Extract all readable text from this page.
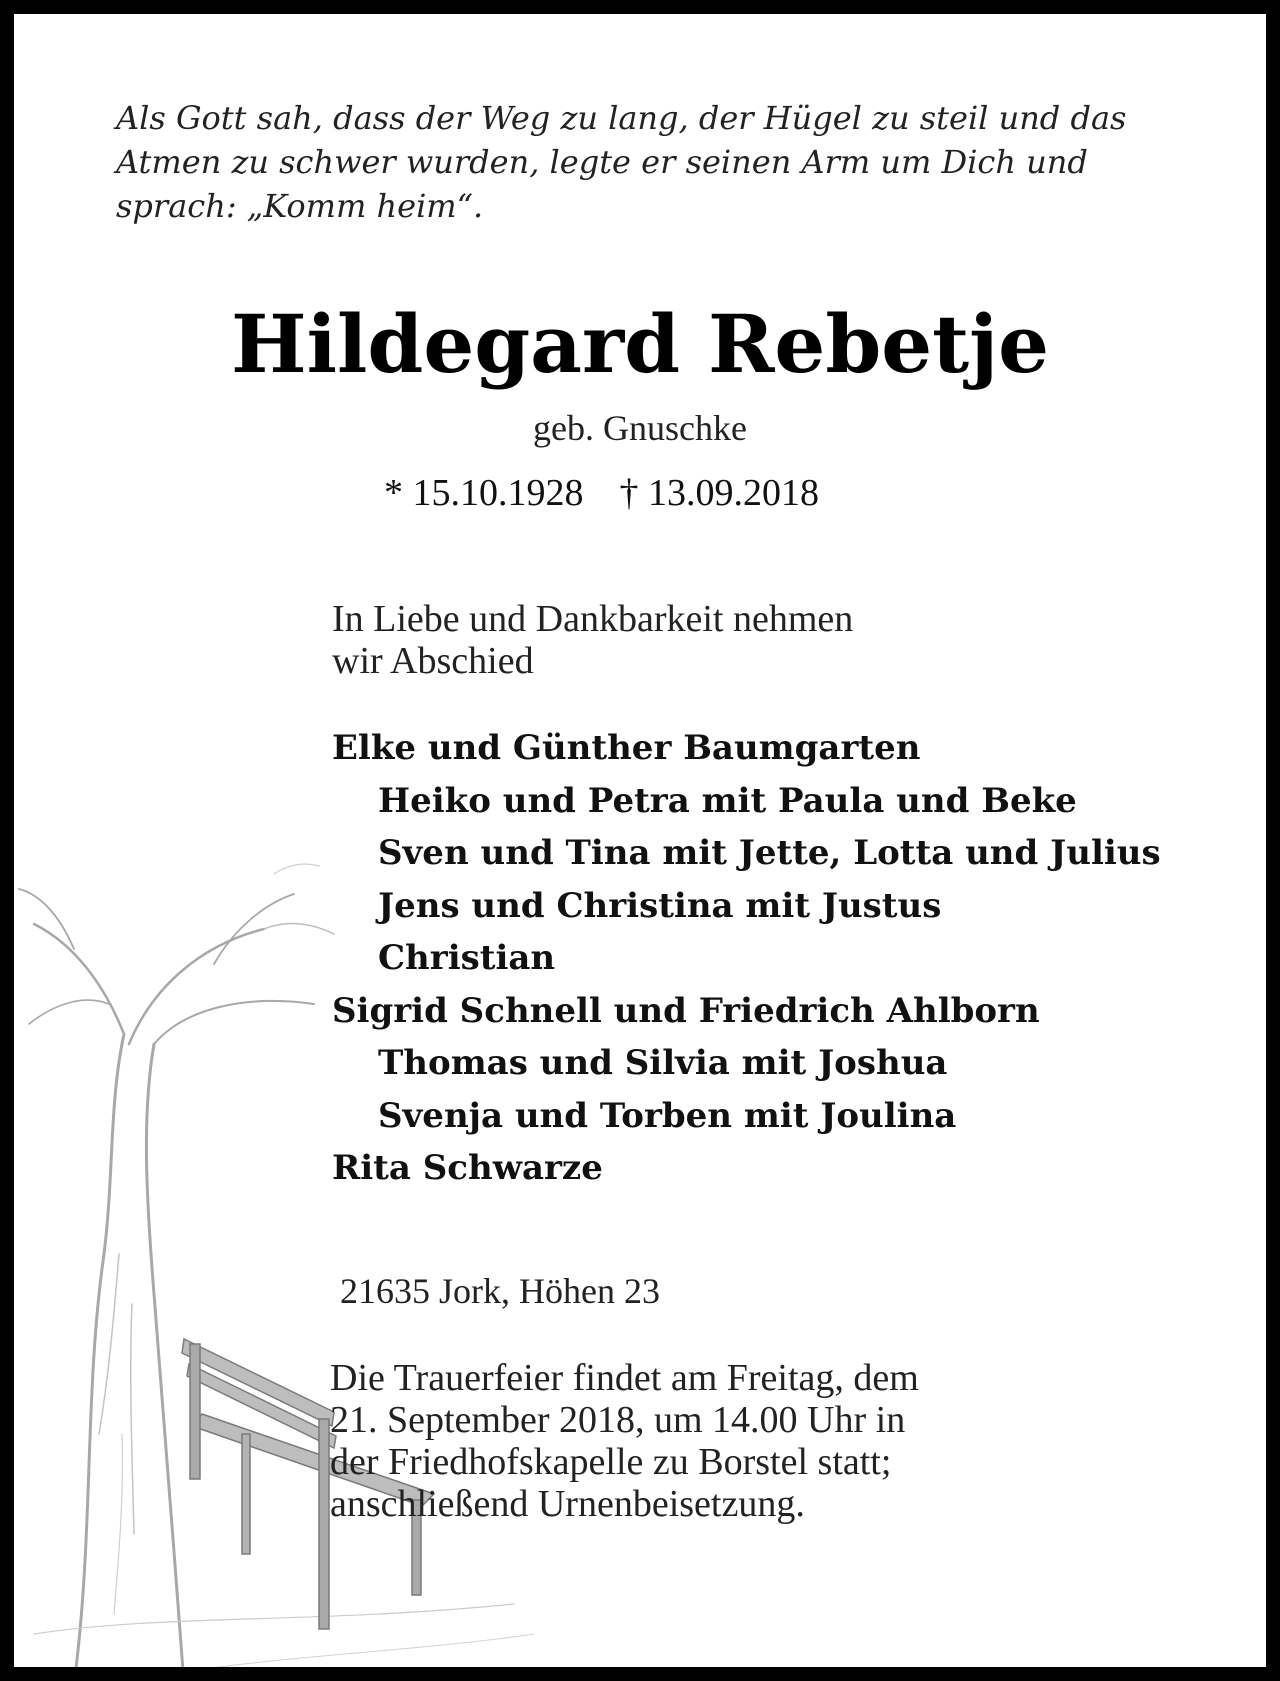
Als Gott sah, dass der Weg zu lang, der Hügel zu steil und das
Atmen zu schwer wurden, legte er seinen Arm um Dich und
sprach: „Komm heim“.
Hildegard Rebetje
geb. Gnuschke
* 15.10.1928 † 13.09.2018
In Liebe und Dankbarkeit nehmen
wir Abschied
Elke und Günther Baumgarten
Heiko und Petra mit Paula und Beke
Sven und Tina mit Jette, Lotta und Julius
Jens und Christina mit Justus
Christian
Sigrid Schnell und Friedrich Ahlborn
Thomas und Silvia mit Joshua
Svenja und Torben mit Joulina
Rita Schwarze
21635 Jork, Höhen 23
Die Trauerfeier findet am Freitag, dem
21. September 2018, um 14.00 Uhr in
der Friedhofskapelle zu Borstel statt;
anschließend Urnenbeisetzung.
